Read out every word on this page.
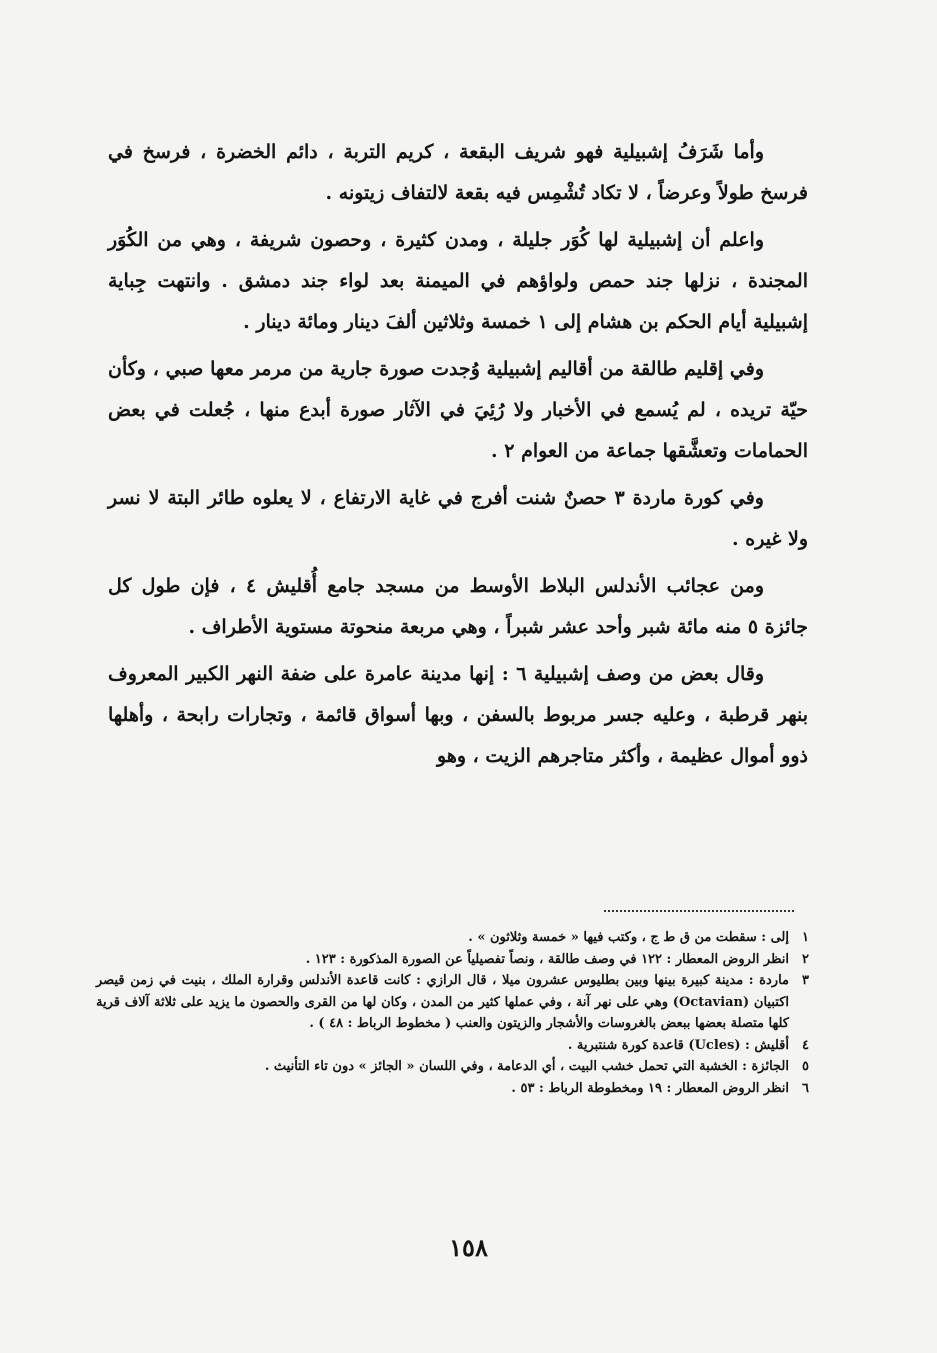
وأما شَرَفُ إشبيلية فهو شريف البقعة ، كريم التربة ، دائم الخضرة ، فرسخ في فرسخ طولاً وعرضاً ، لا تكاد تُشْمِس فيه بقعة لالتفاف زيتونه .

واعلم أن إشبيلية لها كُوَر جليلة ، ومدن كثيرة ، وحصون شريفة ، وهي من الكُوَر المجندة ، نزلها جند حمص ولواؤهم في الميمنة بعد لواء جند دمشق . وانتهت جِباية إشبيلية أيام الحكم بن هشام إلى ١ خمسة وثلاثين ألفَ دينار ومائة دينار .

وفي إقليم طالقة من أقاليم إشبيلية وُجدت صورة جارية من مرمر معها صبي ، وكأن حيّة تريده ، لم يُسمع في الأخبار ولا رُئِيَ في الآثار صورة أبدع منها ، جُعلت في بعض الحمامات وتعشَّقها جماعة من العوام ٢ .

وفي كورة ماردة ٣ حصنٌ شنت أفرج في غاية الارتفاع ، لا يعلوه طائر البتة لا نسر ولا غيره .

ومن عجائب الأندلس البلاط الأوسط من مسجد جامع أُقليش ٤ ، فإن طول كل جائزة ٥ منه مائة شبر وأحد عشر شبراً ، وهي مربعة منحوتة مستوية الأطراف .

وقال بعض من وصف إشبيلية ٦ : إنها مدينة عامرة على ضفة النهر الكبير المعروف بنهر قرطبة ، وعليه جسر مربوط بالسفن ، وبها أسواق قائمة ، وتجارات رابحة ، وأهلها ذوو أموال عظيمة ، وأكثر متاجرهم الزيت ، وهو

١
إلى : سقطت من ق ط ج ، وكتب فيها « خمسة وثلاثون » .
٢
انظر الروض المعطار : ١٢٢ في وصف طالقة ، ونصاً تفصيلياً عن الصورة المذكورة : ١٢٣ .
٣
ماردة : مدينة كبيرة بينها وبين بطليوس عشرون ميلا ، قال الرازي : كانت قاعدة الأندلس وقرارة الملك ، بنيت في زمن قيصر اكتبيان (Octavian) وهي على نهر آنة ، وفي عملها كثير من المدن ، وكان لها من القرى والحصون ما يزيد على ثلاثة آلاف قرية كلها متصلة بعضها ببعض بالغروسات والأشجار والزيتون والعنب ( مخطوط الرباط : ٤٨ ) .
٤
أقليش : (Ucles) قاعدة كورة شنتبرية .
٥
الجائزة : الخشبة التي تحمل خشب البيت ، أي الدعامة ، وفي اللسان « الجائز » دون تاء التأنيث .
٦
انظر الروض المعطار : ١٩ ومخطوطة الرباط : ٥٣ .
١٥٨
